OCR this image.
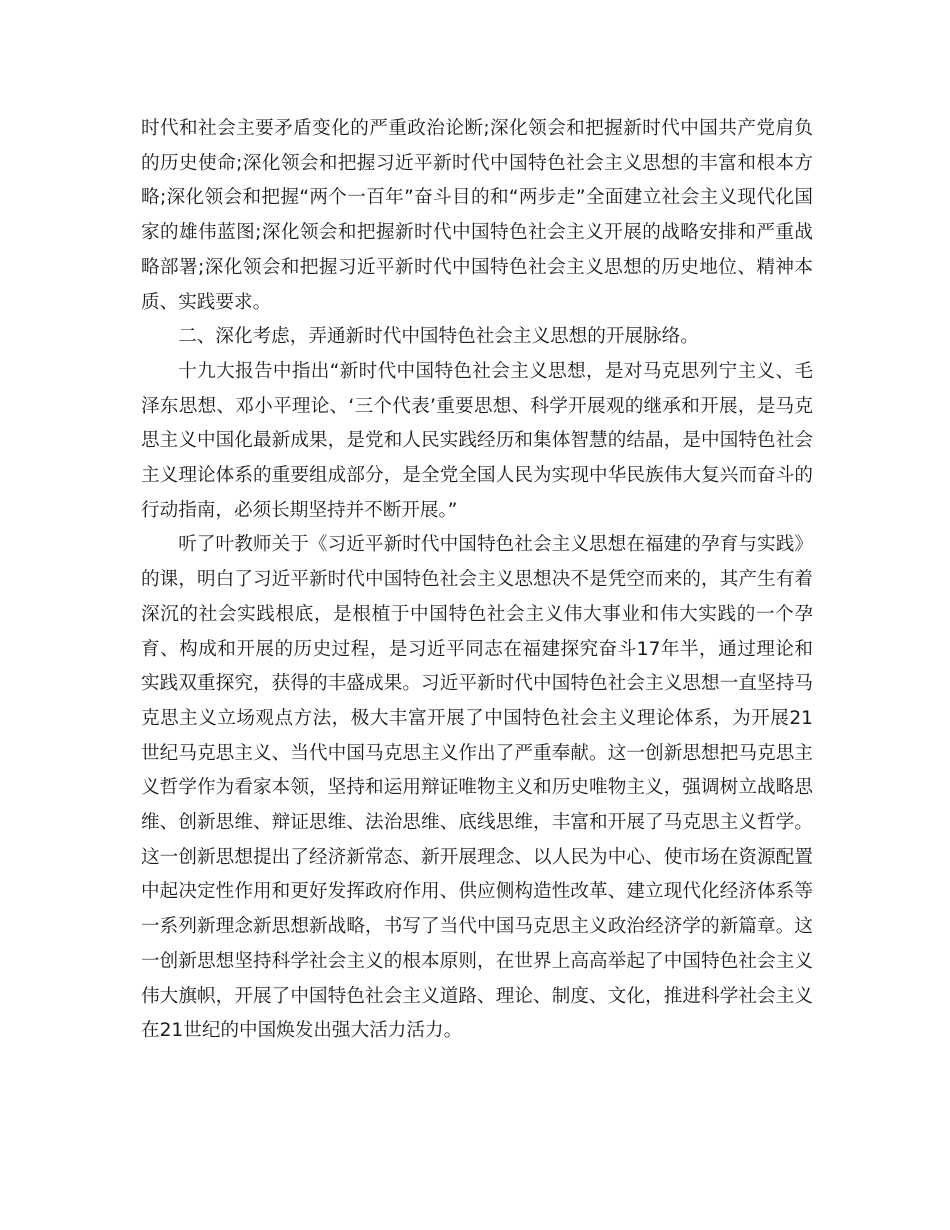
时代和社会主要矛盾变化的严重政治论断;深化领会和把握新时代中国共产党肩负的历史使命;深化领会和把握习近平新时代中国特色社会主义思想的丰富和根本方略;深化领会和把握“两个一百年”奋斗目的和“两步走”全面建立社会主义现代化国家的雄伟蓝图;深化领会和把握新时代中国特色社会主义开展的战略安排和严重战略部署;深化领会和把握习近平新时代中国特色社会主义思想的历史地位、精神本质、实践要求。

二、深化考虑，弄通新时代中国特色社会主义思想的开展脉络。

十九大报告中指出“新时代中国特色社会主义思想，是对马克思列宁主义、毛泽东思想、邓小平理论、‘三个代表’重要思想、科学开展观的继承和开展，是马克思主义中国化最新成果，是党和人民实践经历和集体智慧的结晶，是中国特色社会主义理论体系的重要组成部分，是全党全国人民为实现中华民族伟大复兴而奋斗的行动指南，必须长期坚持并不断开展。”

听了叶教师关于《习近平新时代中国特色社会主义思想在福建的孕育与实践》的课，明白了习近平新时代中国特色社会主义思想决不是凭空而来的，其产生有着深沉的社会实践根底，是根植于中国特色社会主义伟大事业和伟大实践的一个孕育、构成和开展的历史过程，是习近平同志在福建探究奋斗17年半，通过理论和实践双重探究，获得的丰盛成果。习近平新时代中国特色社会主义思想一直坚持马克思主义立场观点方法，极大丰富开展了中国特色社会主义理论体系，为开展21世纪马克思主义、当代中国马克思主义作出了严重奉献。这一创新思想把马克思主义哲学作为看家本领，坚持和运用辩证唯物主义和历史唯物主义，强调树立战略思维、创新思维、辩证思维、法治思维、底线思维，丰富和开展了马克思主义哲学。这一创新思想提出了经济新常态、新开展理念、以人民为中心、使市场在资源配置中起决定性作用和更好发挥政府作用、供应侧构造性改革、建立现代化经济体系等一系列新理念新思想新战略，书写了当代中国马克思主义政治经济学的新篇章。这一创新思想坚持科学社会主义的根本原则，在世界上高高举起了中国特色社会主义伟大旗帜，开展了中国特色社会主义道路、理论、制度、文化，推进科学社会主义在21世纪的中国焕发出强大活力活力。
